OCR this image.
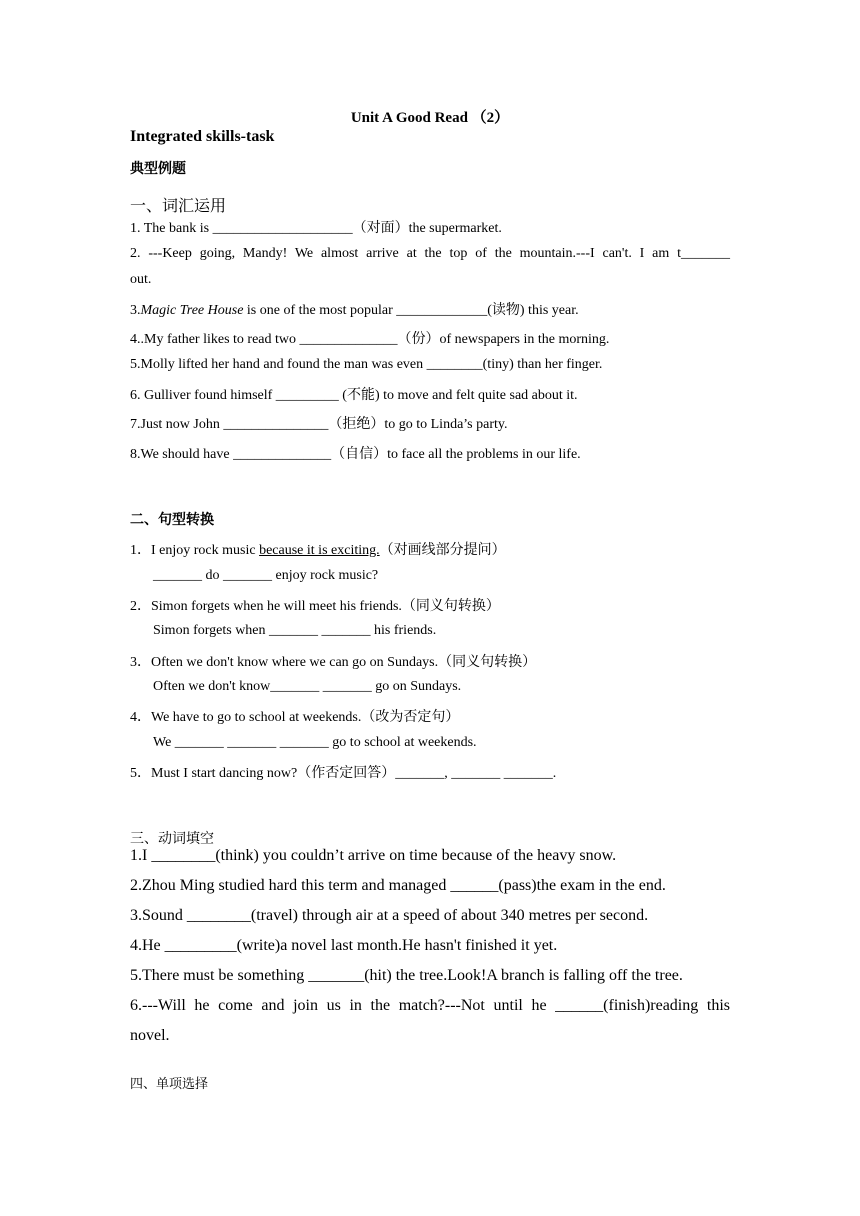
Unit A Good Read （2）
Integrated skills-task
典型例题
一、词汇运用
1. The bank is ____________________（对面）the supermarket.
2. ---Keep going, Mandy! We almost arrive at the top of the mountain.---I can't. I am t_______
out.
3.Magic Tree House is one of the most popular _____________(读物) this year.
4..My father likes to read two ______________（份）of newspapers in the morning.
5.Molly lifted her hand and found the man was even ________(tiny) than her finger.
6. Gulliver found himself _________ (不能) to move and felt quite sad about it.
7.Just now John _______________（拒绝）to go to Linda’s party.
8.We should have ______________（自信）to face all the problems in our life.
二、句型转换
1．I enjoy rock music because it is exciting.（对画线部分提问）
_______ do _______ enjoy rock music?
2．Simon forgets when he will meet his friends.（同义句转换）
Simon forgets when _______ _______ his friends.
3．Often we don't know where we can go on Sundays.（同义句转换）
Often we don't know_______ _______ go on Sundays.
4．We have to go to school at weekends.（改为否定句）
We _______ _______ _______ go to school at weekends.
5．Must I start dancing now?（作否定回答）_______, _______ _______.
三、动词填空
1.I ________(think) you couldn’t arrive on time because of the heavy snow.
2.Zhou Ming studied hard this term and managed ______(pass)the exam in the end.
3.Sound ________(travel) through air at a speed of about 340 metres per second.
4.He _________(write)a novel last month.He hasn't finished it yet.
5.There must be something _______(hit) the tree.Look!A branch is falling off the tree.
6.---Will he come and join us in the match?---Not until he ______(finish)reading this
novel.
四、单项选择
